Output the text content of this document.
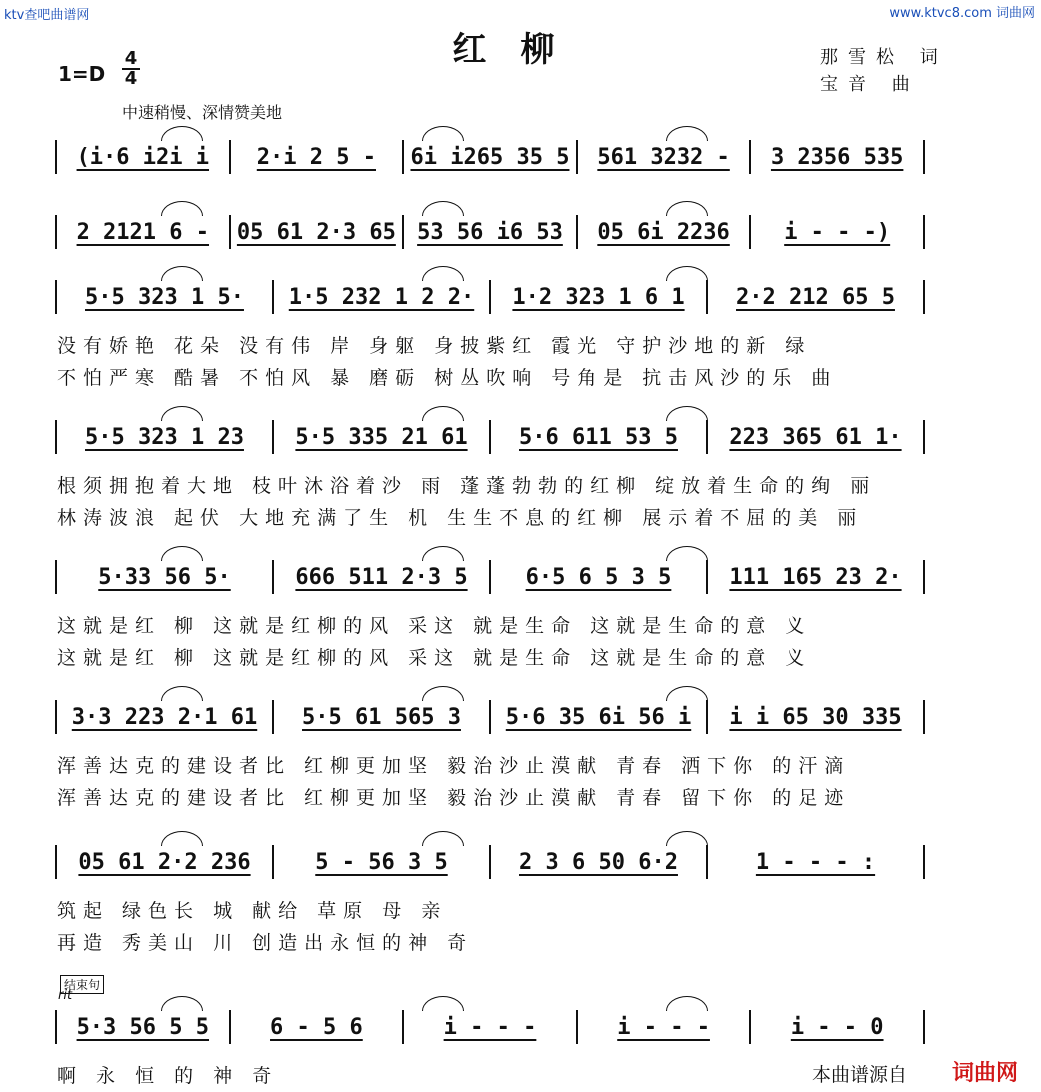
ktv查吧曲谱网	www.ktvc8.com 词曲网
红柳	那雪松 词
宝音 曲
1=D
4
4
中速稍慢、深情赞美地
(i·6 i2i i	2·i 2 5 -	6i i265 35 5	561 3232 -	3 2356 535
2 2121 6 -	05 61 2·3 65 53 56 i6 53	05 6i 2236	i - - -)
5·5 323 1 5·	1·5 232 1 2 2·	1·2 323 1 6 1	2·2 212 65 5
没有娇艳 花朵 没有伟 岸 身躯 身披紫红 霞光 守护沙地的新 绿
不怕严寒 酷暑 不怕风 暴 磨砺 树丛吹响 号角是 抗击风沙的乐 曲
5·5 323 1 23	5·5 335 21 61	5·6 611 53 5	223 365 61 1·
根须拥抱着大地 枝叶沐浴着沙 雨 蓬蓬勃勃的红柳 绽放着生命的绚 丽
林涛波浪 起伏 大地充满了生 机 生生不息的红柳 展示着不屈的美 丽
5·33 56 5·	666 511 2·3 5	6·5 6 5 3 5	111 165 23 2·
这就是红 柳 这就是红柳的风 采这 就是生命 这就是生命的意 义
这就是红 柳 这就是红柳的风 采这 就是生命 这就是生命的意 义
3·3 223 2·1 61	5·5 61 565 3	5·6 35 6i 56 i	i i 65 30 335
浑善达克的建设者比 红柳更加坚 毅治沙止漠献 青春 洒下你 的汗滴
浑善达克的建设者比 红柳更加坚 毅治沙止漠献 青春 留下你 的足迹
05 61 2·2 236	5 - 56 3 5	2 3 6 50 6·2	1 - - - :
筑起 绿色长 城 献给 草原 母 亲
再造 秀美山 川 创造出永恒的神 奇
5·3 56 5 5	6 - 5 6	i - - -	i - - -	i - - 0
啊 永 恒 的 神 奇
结束句
rit
本曲谱源自 词曲网
